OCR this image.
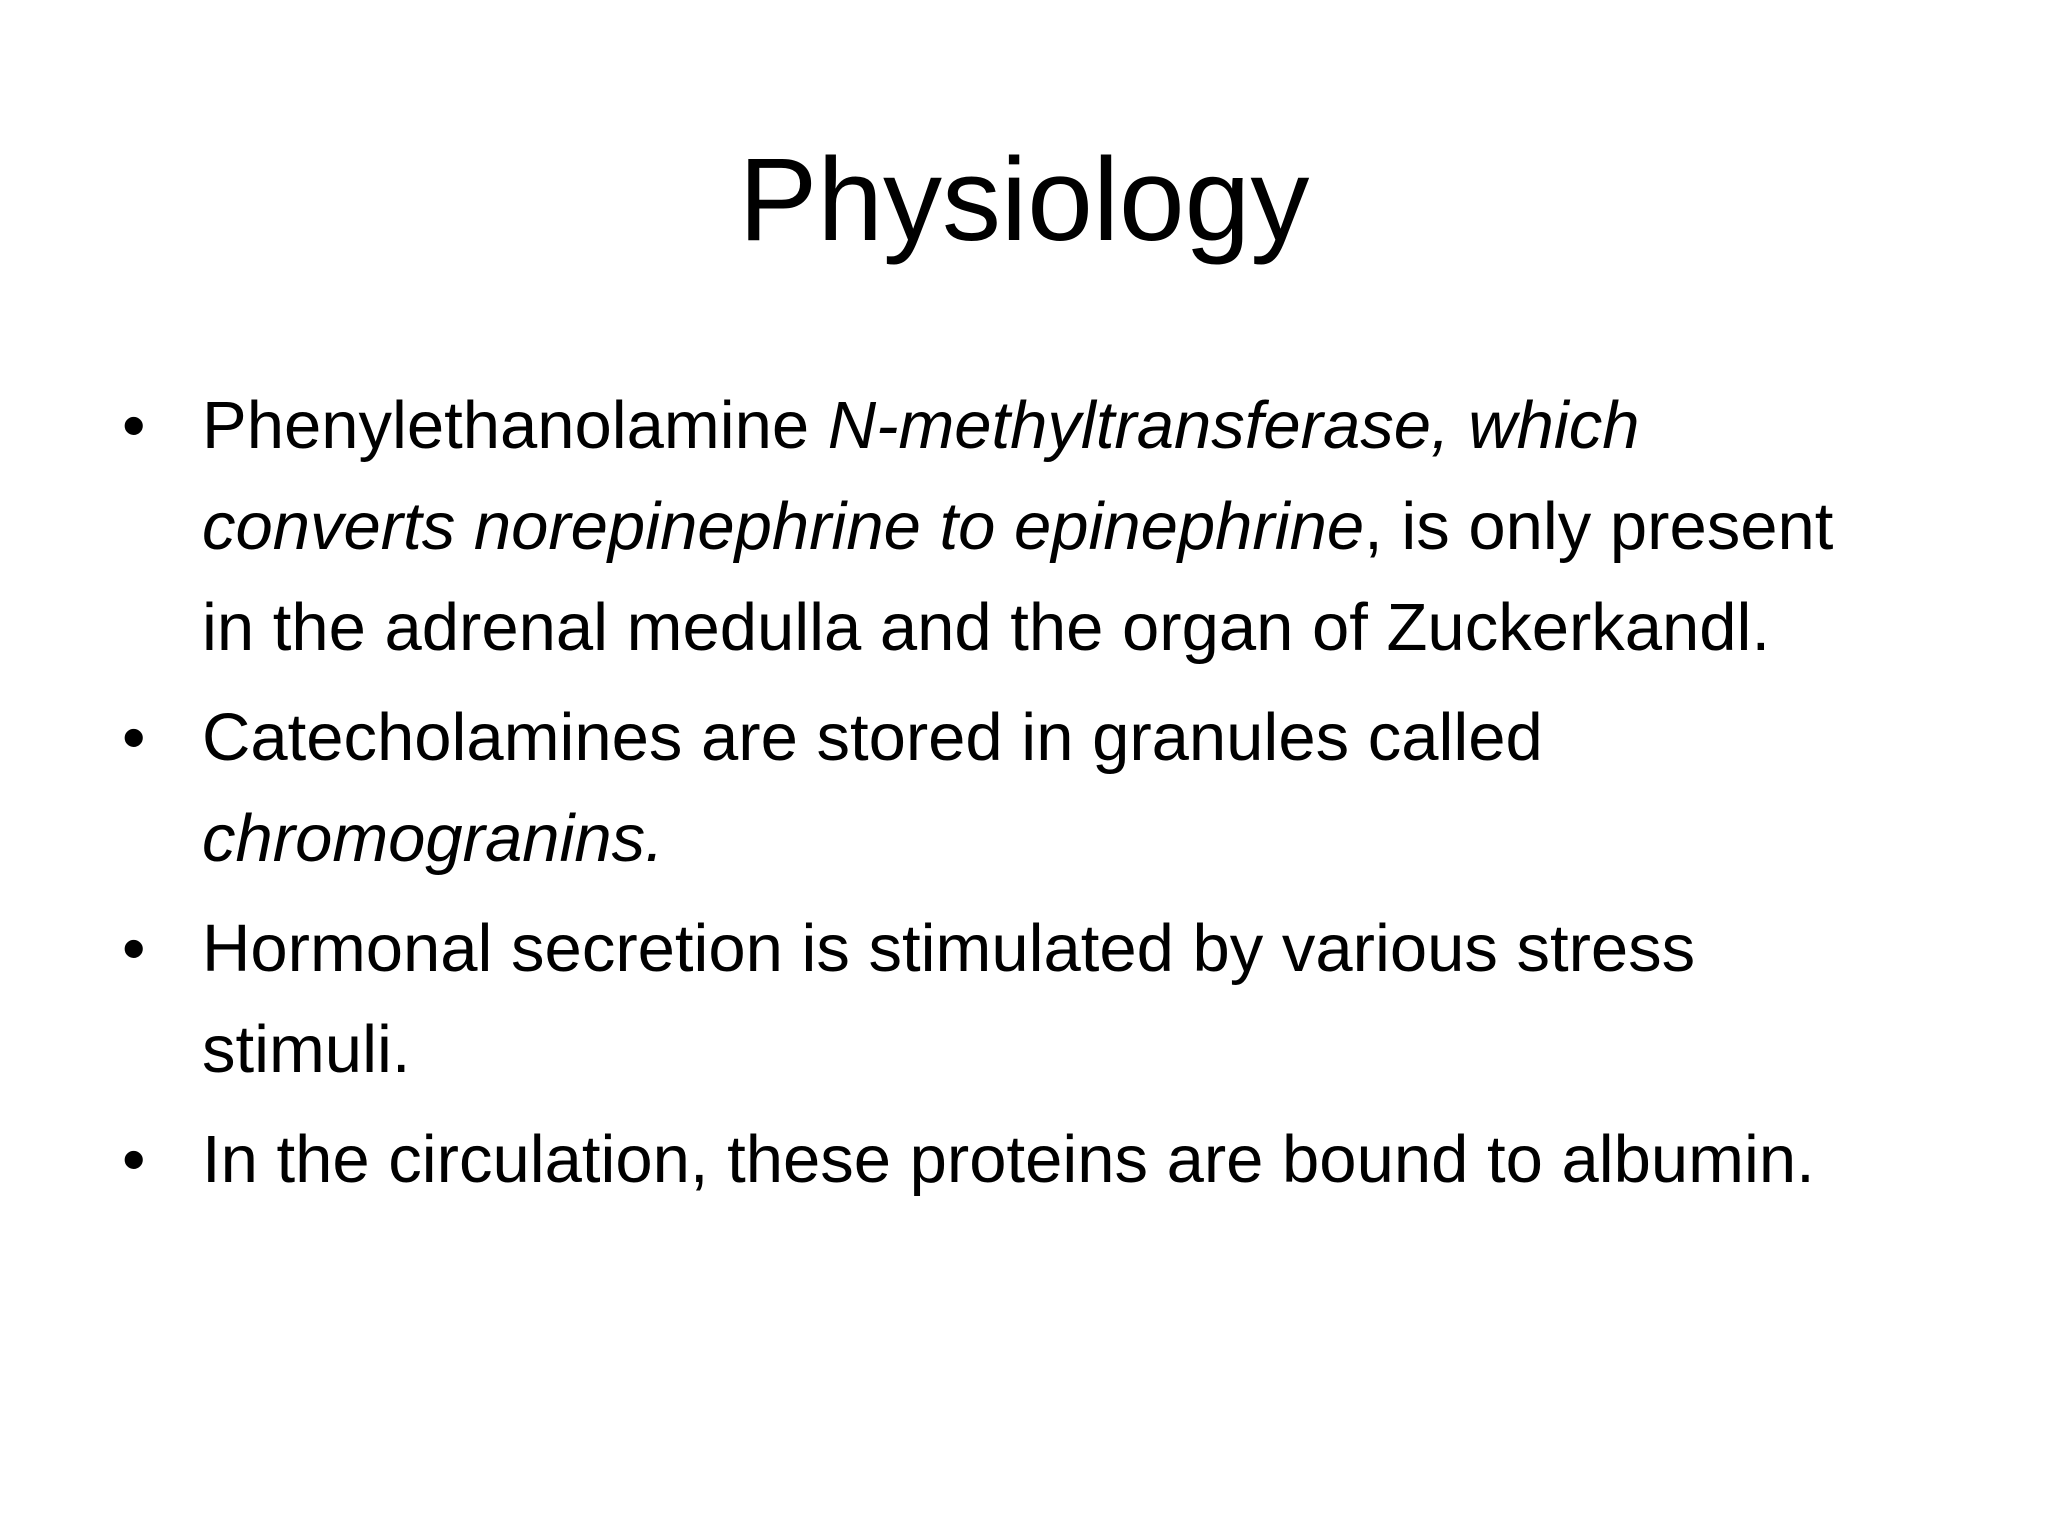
Physiology
• Phenylethanolamine N-methyltransferase, which converts norepinephrine to epinephrine, is only present in the adrenal medulla and the organ of Zuckerkandl.
• Catecholamines are stored in granules called chromogranins.
• Hormonal secretion is stimulated by various stress stimuli.
• In the circulation, these proteins are bound to albumin.
